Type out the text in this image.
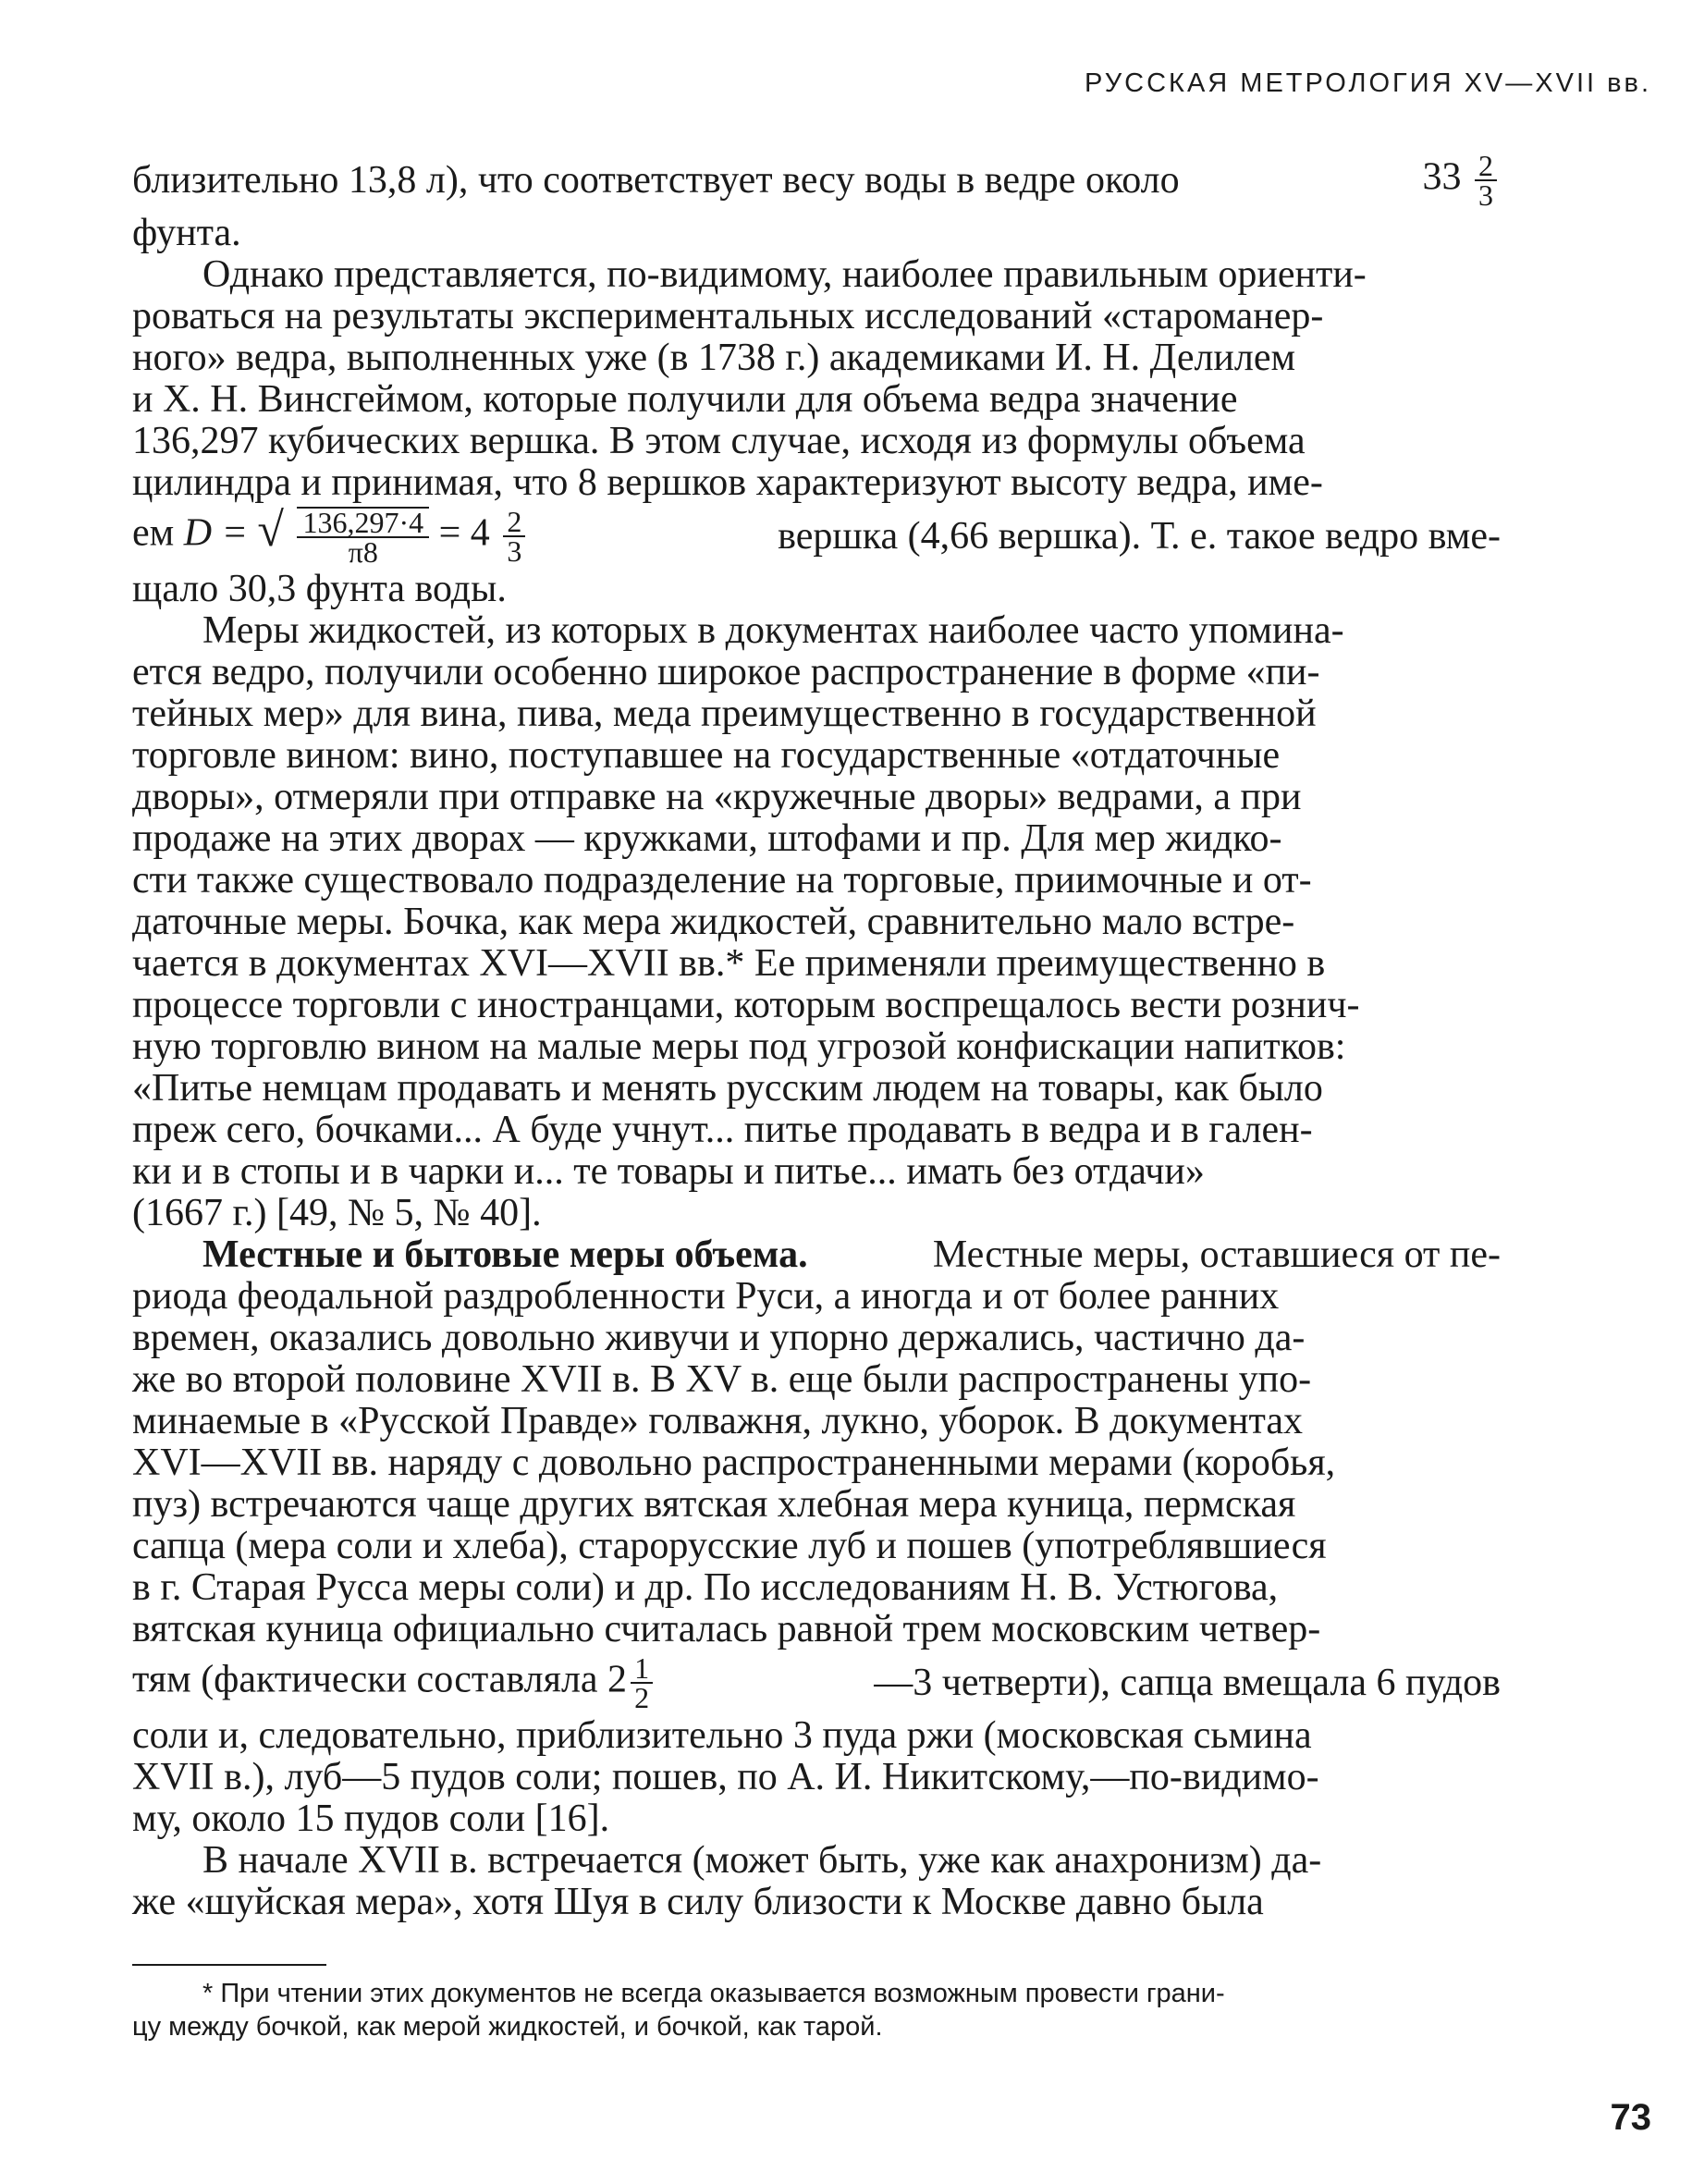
РУССКАЯ МЕТРОЛОГИЯ XV—XVII вв.
близительно 13,8 л), что соответствует весу воды в ведре около	$33 \frac{2}{3}$
фунта.
Однако представляется, по-видимому, наиболее правильным ориенти-
роваться на результаты экспериментальных исследований «староманер-
ного» ведра, выполненных уже (в 1738 г.) академиками И. Н. Делилем
и Х. Н. Винсгеймом, которые получили для объема ведра значение
136,297 кубических вершка. В этом случае, исходя из формулы объема
цилиндра и принимая, что 8 вершков характеризуют высоту ведра, име-
ем D = √ $\frac{136,297\cdot 4}{\pi 8} = 4 \frac{2}{3}$	вершка (4,66 вершка). Т. е. такое ведро вме-
щало 30,3 фунта воды.
Меры жидкостей, из которых в документах наиболее часто упомина-
ется ведро, получили особенно широкое распространение в форме «пи-
тейных мер» для вина, пива, меда преимущественно в государственной
торговле вином: вино, поступавшее на государственные «отдаточные
дворы», отмеряли при отправке на «кружечные дворы» ведрами, а при
продаже на этих дворах — кружками, штофами и пр. Для мер жидко-
сти также существовало подразделение на торговые, приимочные и от-
даточные меры. Бочка, как мера жидкостей, сравнительно мало встре-
чается в документах XVI—XVII вв.* Ее применяли преимущественно в
процессе торговли с иностранцами, которым воспрещалось вести рознич-
ную торговлю вином на малые меры под угрозой конфискации напитков:
«Питье немцам продавать и менять русским людем на товары, как было
преж сего, бочками... А буде учнут... питье продавать в ведра и в гален-
ки и в стопы и в чарки и... те товары и питье... имать без отдачи»
(1667 г.) [49, № 5, № 40].
Местные и бытовые меры объема.	Местные меры, оставшиеся от пе-
риода феодальной раздробленности Руси, а иногда и от более ранних
времен, оказались довольно живучи и упорно держались, частично да-
же во второй половине XVII в. В XV в. еще были распространены упо-
минаемые в «Русской Правде» голважня, лукно, уборок. В документах
XVI—XVII вв. наряду с довольно распространенными мерами (коробья,
пуз) встречаются чаще других вятская хлебная мера куница, пермская
сапца (мера соли и хлеба), старорусские луб и пошев (употреблявшиеся
в г. Старая Русса меры соли) и др. По исследованиям Н. В. Устюгова,
вятская куница официально считалась равной трем московским четвер-
тям (фактически составляла $2 \frac{1}{2}$	—3 четверти), сапца вмещала 6 пудов
соли и, следовательно, приблизительно 3 пуда ржи (московская сьмина
XVII в.), луб—5 пудов соли; пошев, по А. И. Никитскому,—по-видимо-
му, около 15 пудов соли [16].
В начале XVII в. встречается (может быть, уже как анахронизм) да-
же «шуйская мера», хотя Шуя в силу близости к Москве давно была
* При чтении этих документов не всегда оказывается возможным провести грани-
цу между бочкой, как мерой жидкостей, и бочкой, как тарой.
73
